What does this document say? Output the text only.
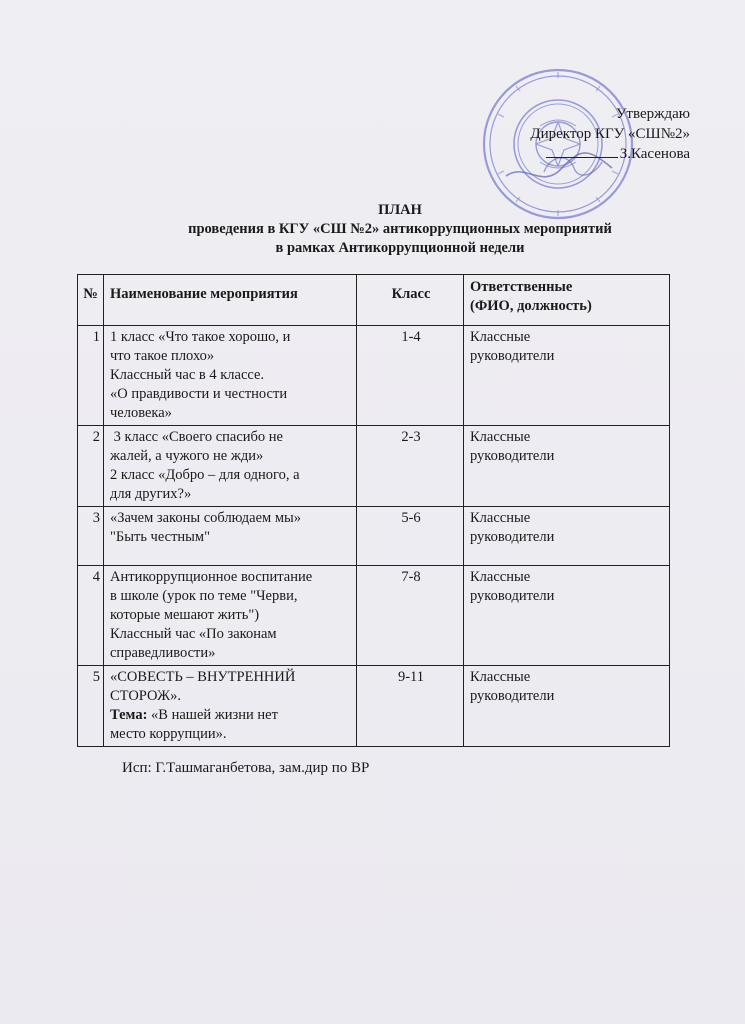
Утверждаю
Директор КГУ «СШ№2»
З.Касенова
ПЛАН
проведения в КГУ «СШ №2» антикоррупционных мероприятий
в рамках Антикоррупционной недели
№	Наименование мероприятия	Класс	Ответственные
(ФИО, должность)

1	1 класс «Что такое хорошо, и
что такое плохо»
Классный час в 4 классе.
«О правдивости и честности
человека»	1-4	Классные
руководители

2	3 класс «Своего спасибо не
жалей, а чужого не жди»
2 класс «Добро – для одного, а
для других?»	2-3	Классные
руководители

3	«Зачем законы соблюдаем мы»
"Быть честным"	5-6	Классные
руководители

4	Антикоррупционное воспитание
в школе (урок по теме "Черви,
которые мешают жить")
Классный час «По законам
справедливости»	7-8	Классные
руководители

5	«СОВЕСТЬ – ВНУТРЕННИЙ
СТОРОЖ».
Тема: «В нашей жизни нет
место коррупции».	9-11	Классные
руководители
Исп: Г.Ташмаганбетова, зам.дир по ВР
